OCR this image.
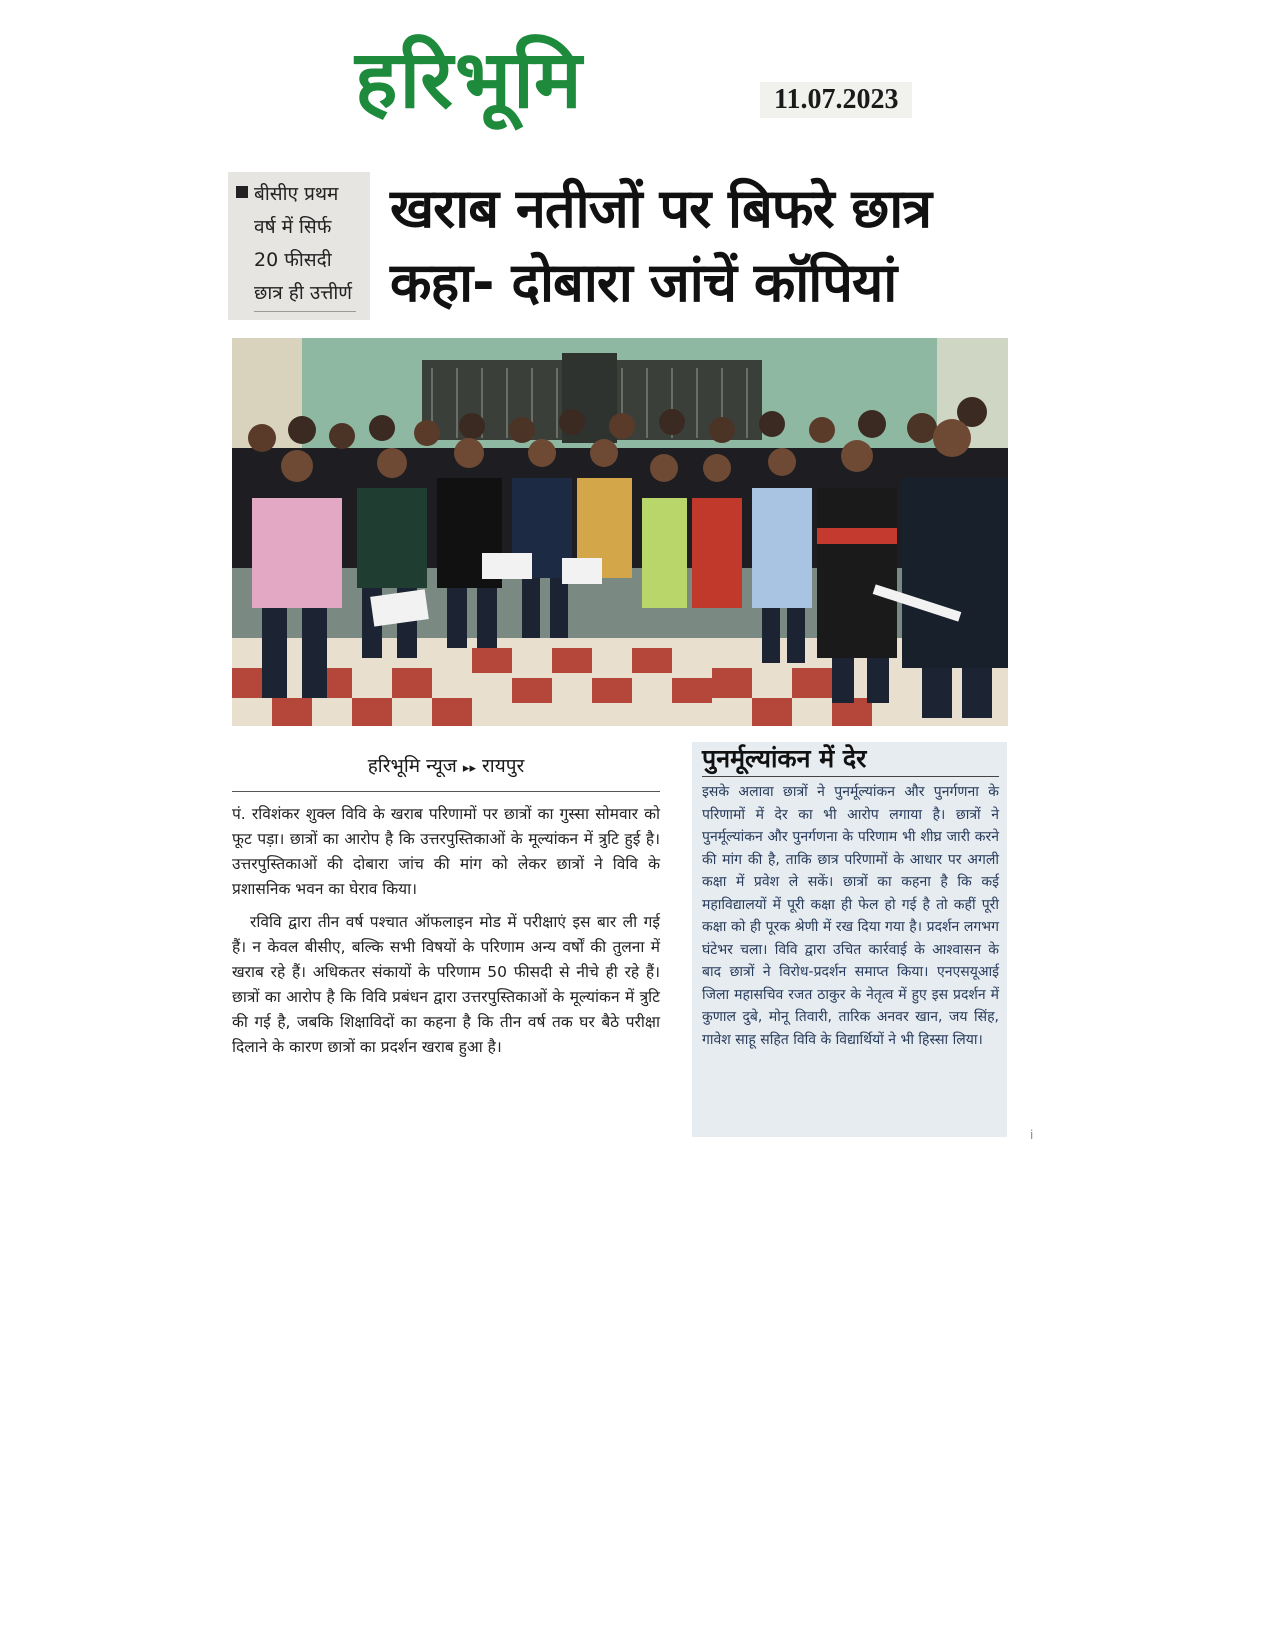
हरिभूमि	11.07.2023
बीसीए प्रथम
वर्ष में सिर्फ
20 फीसदी
छात्र ही उत्तीर्ण
खराब नतीजों पर बिफरे छात्र
कहा- दोबारा जांचें कॉपियां
हरिभूमि न्यूज ▸▸ रायपुर

पं. रविशंकर शुक्ल विवि के खराब परिणामों पर छात्रों का गुस्सा सोमवार को फूट पड़ा। छात्रों का आरोप है कि उत्तरपुस्तिकाओं के मूल्यांकन में त्रुटि हुई है। उत्तरपुस्तिकाओं की दोबारा जांच की मांग को लेकर छात्रों ने विवि के प्रशासनिक भवन का घेराव किया।

रविवि द्वारा तीन वर्ष पश्चात ऑफलाइन मोड में परीक्षाएं इस बार ली गई हैं। न केवल बीसीए, बल्कि सभी विषयों के परिणाम अन्य वर्षों की तुलना में खराब रहे हैं। अधिकतर संकायों के परिणाम 50 फीसदी से नीचे ही रहे हैं। छात्रों का आरोप है कि विवि प्रबंधन द्वारा उत्तरपुस्तिकाओं के मूल्यांकन में त्रुटि की गई है, जबकि शिक्षाविदों का कहना है कि तीन वर्ष तक घर बैठे परीक्षा दिलाने के कारण छात्रों का प्रदर्शन खराब हुआ है।

पुनर्मूल्यांकन में देर

इसके अलावा छात्रों ने पुनर्मूल्यांकन और पुनर्गणना के परिणामों में देर का भी आरोप लगाया है। छात्रों ने पुनर्मूल्यांकन और पुनर्गणना के परिणाम भी शीघ्र जारी करने की मांग की है, ताकि छात्र परिणामों के आधार पर अगली कक्षा में प्रवेश ले सकें। छात्रों का कहना है कि कई महाविद्यालयों में पूरी कक्षा ही फेल हो गई है तो कहीं पूरी कक्षा को ही पूरक श्रेणी में रख दिया गया है। प्रदर्शन लगभग घंटेभर चला। विवि द्वारा उचित कार्रवाई के आश्वासन के बाद छात्रों ने विरोध-प्रदर्शन समाप्त किया। एनएसयूआई जिला महासचिव रजत ठाकुर के नेतृत्व में हुए इस प्रदर्शन में कुणाल दुबे, मोनू तिवारी, तारिक अनवर खान, जय सिंह, गावेश साहू सहित विवि के विद्यार्थियों ने भी हिस्सा लिया।

i
